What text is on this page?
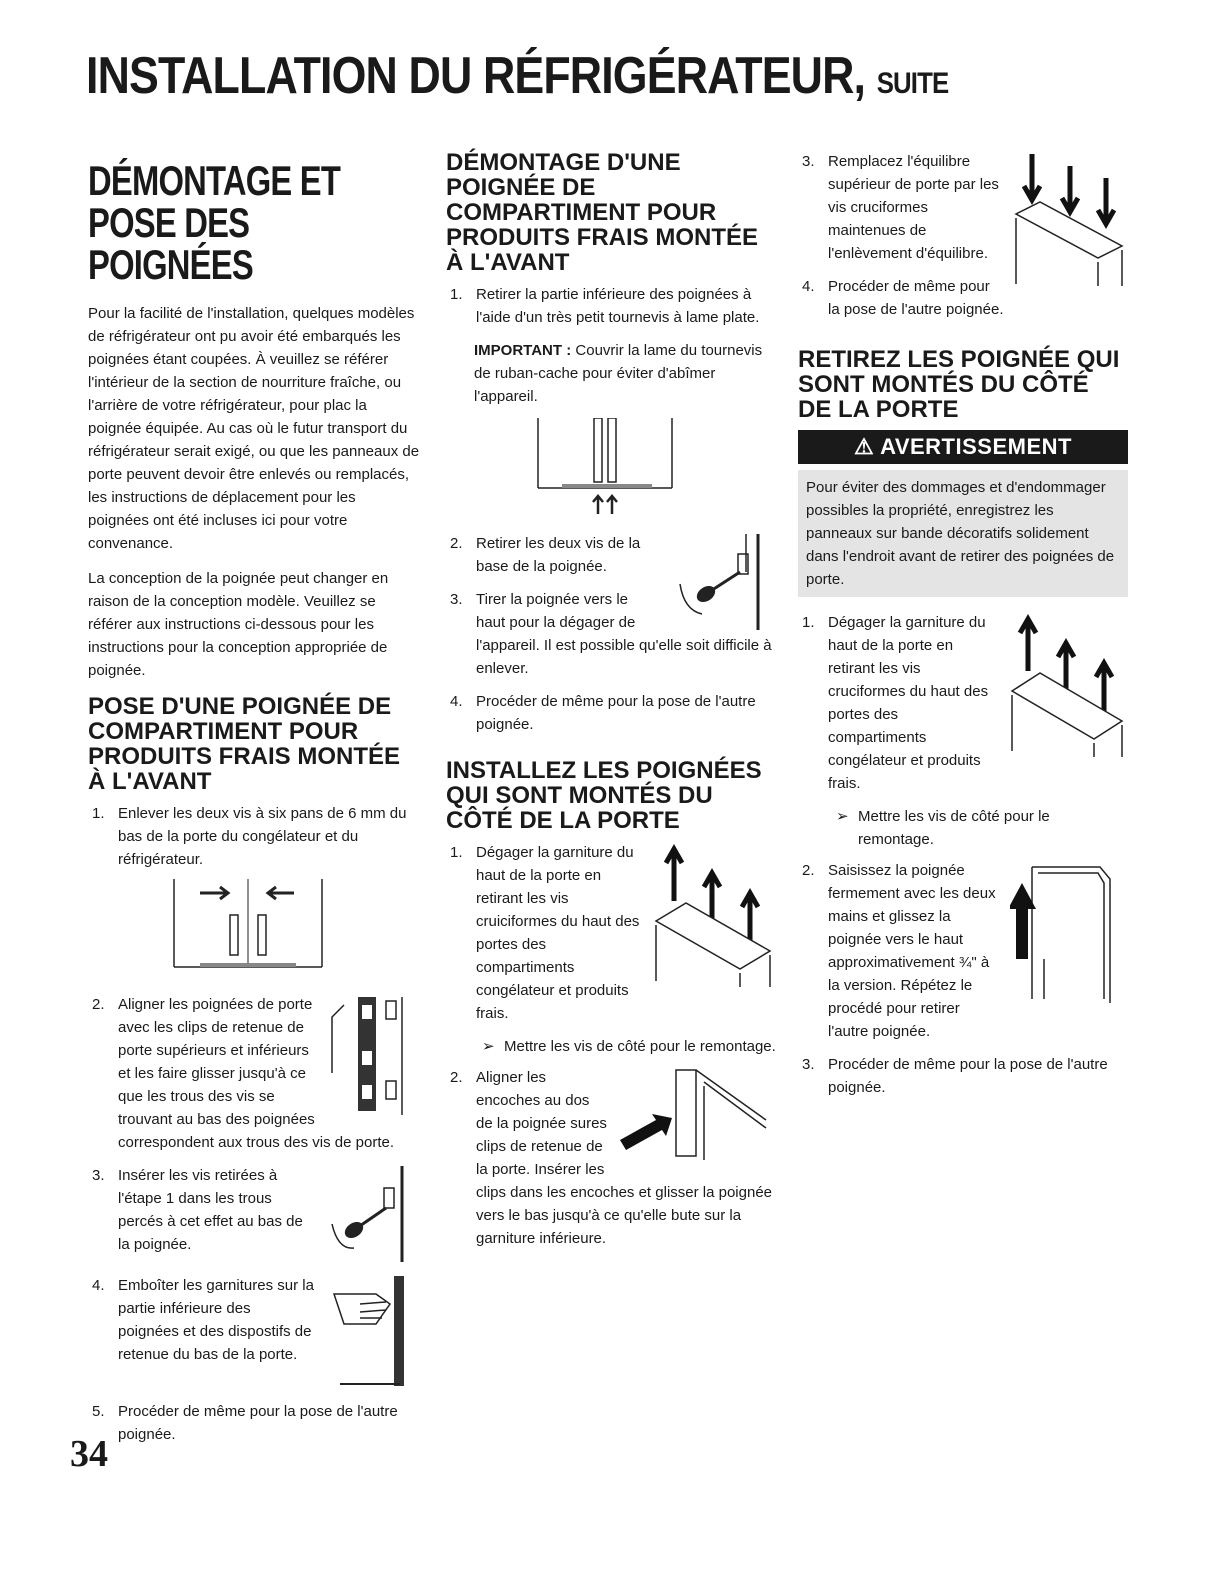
INSTALLATION DU RÉFRIGÉRATEUR, SUITE
DÉMONTAGE ET POSE DES POIGNÉES

Pour la facilité de l'installation, quelques modèles de réfrigérateur ont pu avoir été embarqués les poignées étant coupées. À veuillez se référer l'intérieur de la section de nourriture fraîche, ou l'arrière de votre réfrigérateur, pour plac la poignée équipée. Au cas où le futur transport du réfrigérateur serait exigé, ou que les panneaux de porte peuvent devoir être enlevés ou remplacés, les instructions de déplacement pour les poignées ont été incluses ici pour votre convenance.

La conception de la poignée peut changer en raison de la conception modèle. Veuillez se référer aux instructions ci-dessous pour les instructions pour la conception appropriée de poignée.

POSE D'UNE POIGNÉE DE COMPARTIMENT POUR PRODUITS FRAIS MONTÉE À L'AVANT
1. Enlever les deux vis à six pans de 6 mm du bas de la porte du congélateur et du réfrigérateur.
2. Aligner les poignées de porte avec les clips de retenue de porte supérieurs et inférieurs et les faire glisser jusqu'à ce que les trous des vis se trouvant au bas des poignées correspondent aux trous des vis de porte.
3. Insérer les vis retirées à l'étape 1 dans les trous percés à cet effet au bas de la poignée.
4. Emboîter les garnitures sur la partie inférieure des poignées et des dispostifs de retenue du bas de la porte.
5. Procéder de même pour la pose de l'autre poignée.
DÉMONTAGE D'UNE POIGNÉE DE COMPARTIMENT POUR PRODUITS FRAIS MONTÉE À L'AVANT
1. Retirer la partie inférieure des poignées à l'aide d'un très petit tournevis à lame plate.

IMPORTANT : Couvrir la lame du tournevis de ruban-cache pour éviter d'abîmer l'appareil.

2. Retirer les deux vis de la base de la poignée.
3. Tirer la poignée vers le haut pour la dégager de l'appareil. Il est possible qu'elle soit difficile à enlever.
4. Procéder de même pour la pose de l'autre poignée.
INSTALLEZ LES POIGNÉES QUI SONT MONTÉS DU CÔTÉ DE LA PORTE
1. Dégager la garniture du haut de la porte en retirant les vis cruiciformes du haut des portes des compartiments congélateur et produits frais.

➢ Mettre les vis de côté pour le remontage.

2. Aligner les encoches au dos de la poignée sures clips de retenue de la porte. Insérer les clips dans les encoches et glisser la poignée vers le bas jusqu'à ce qu'elle bute sur la garniture inférieure.
3. Remplacez l'équilibre supérieur de porte par les vis cruciformes maintenues de l'enlèvement d'équilibre.
4. Procéder de même pour la pose de l'autre poignée.
RETIREZ LES POIGNÉE QUI SONT MONTÉS DU CÔTÉ DE LA PORTE
⚠ AVERTISSEMENT

Pour éviter des dommages et d'endommager possibles la propriété, enregistrez les panneaux sur bande décoratifs solidement dans l'endroit avant de retirer des poignées de porte.

1. Dégager la garniture du haut de la porte en retirant les vis cruciformes du haut des portes des compartiments congélateur et produits frais.

➢ Mettre les vis de côté pour le remontage.

2. Saisissez la poignée fermement avec les deux mains et glissez la poignée vers le haut approximativement ¾" à la version. Répétez le procédé pour retirer l'autre poignée.
3. Procéder de même pour la pose de l'autre poignée.
34
